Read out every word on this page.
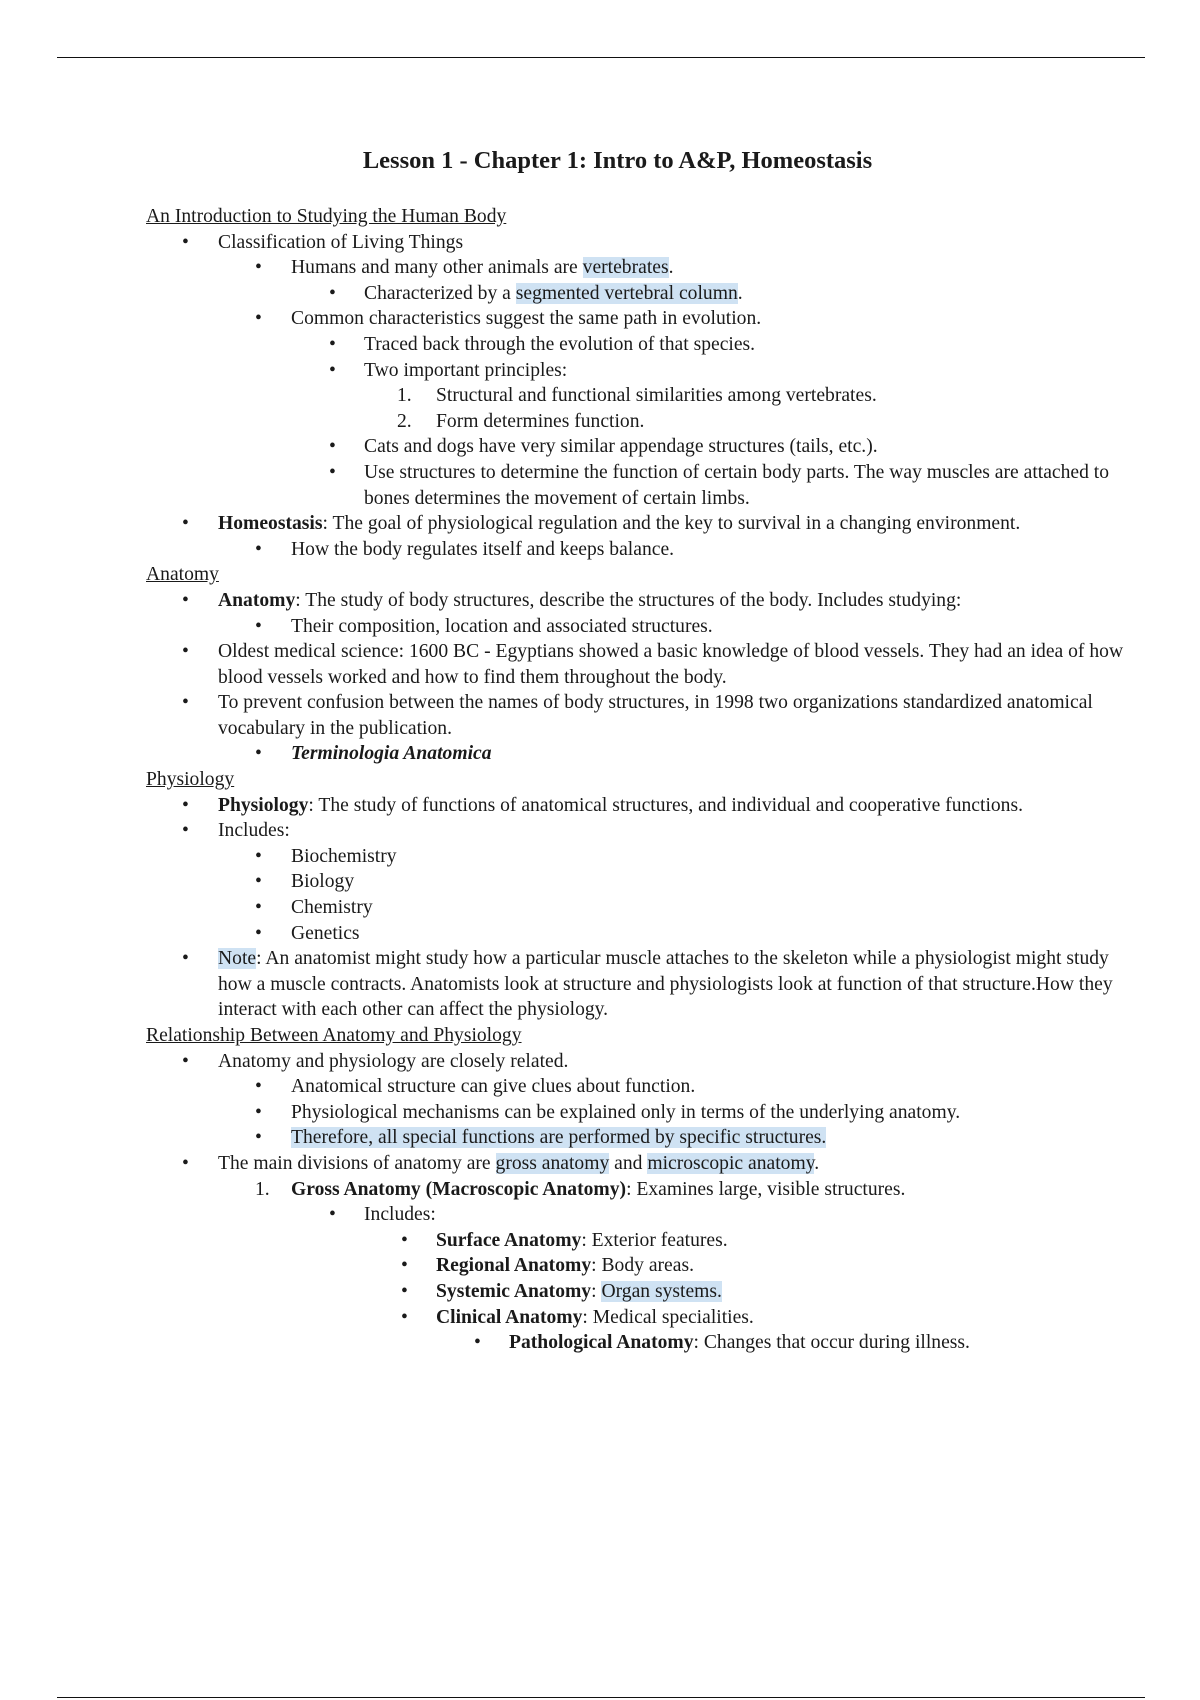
Lesson 1 - Chapter 1: Intro to A&P, Homeostasis
An Introduction to Studying the Human Body
• Classification of Living Things
• Humans and many other animals are vertebrates.
• Characterized by a segmented vertebral column.
• Common characteristics suggest the same path in evolution.
• Traced back through the evolution of that species.
• Two important principles:
1. Structural and functional similarities among vertebrates.
2. Form determines function.
• Cats and dogs have very similar appendage structures (tails, etc.).
• Use structures to determine the function of certain body parts. The way muscles are attached to bones determines the movement of certain limbs.
• Homeostasis: The goal of physiological regulation and the key to survival in a changing environment.
• How the body regulates itself and keeps balance.
Anatomy
• Anatomy: The study of body structures, describe the structures of the body. Includes studying:
• Their composition, location and associated structures.
• Oldest medical science: 1600 BC - Egyptians showed a basic knowledge of blood vessels. They had an idea of how blood vessels worked and how to find them throughout the body.
• To prevent confusion between the names of body structures, in 1998 two organizations standardized anatomical vocabulary in the publication.
• Terminologia Anatomica
Physiology
• Physiology: The study of functions of anatomical structures, and individual and cooperative functions.
• Includes:
• Biochemistry
• Biology
• Chemistry
• Genetics
• Note: An anatomist might study how a particular muscle attaches to the skeleton while a physiologist might study how a muscle contracts. Anatomists look at structure and physiologists look at function of that structure.How they interact with each other can affect the physiology.
Relationship Between Anatomy and Physiology
• Anatomy and physiology are closely related.
• Anatomical structure can give clues about function.
• Physiological mechanisms can be explained only in terms of the underlying anatomy.
• Therefore, all special functions are performed by specific structures.
• The main divisions of anatomy are gross anatomy and microscopic anatomy.
1. Gross Anatomy (Macroscopic Anatomy): Examines large, visible structures.
• Includes:
• Surface Anatomy: Exterior features.
• Regional Anatomy: Body areas.
• Systemic Anatomy: Organ systems.
• Clinical Anatomy: Medical specialities.
• Pathological Anatomy: Changes that occur during illness.
